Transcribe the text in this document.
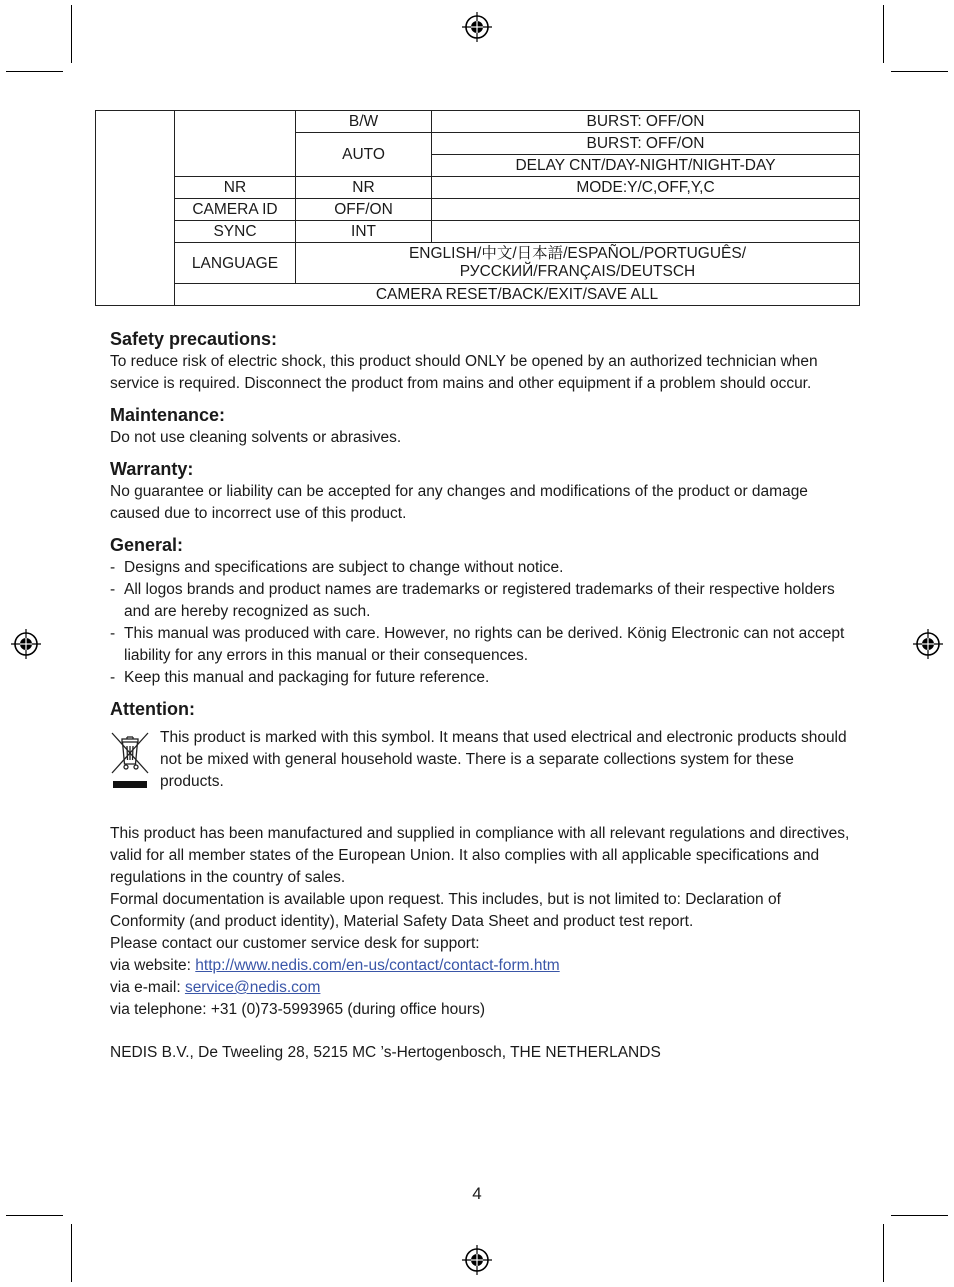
		B/W	BURST: OFF/ON
		AUTO	BURST: OFF/ON
			DELAY CNT/DAY-NIGHT/NIGHT-DAY
	NR	NR	MODE:Y/C,OFF,Y,C
	CAMERA ID	OFF/ON	
	SYNC	INT	
	LANGUAGE	ENGLISH/中文/日本語/ESPAÑOL/PORTUGUÊS/
РУССКИЙ/FRANÇAIS/DEUTSCH	

	CAMERA RESET/BACK/EXIT/SAVE ALL		
Safety precautions:

To reduce risk of electric shock, this product should ONLY be opened by an authorized technician when service is required. Disconnect the product from mains and other equipment if a problem should occur.

Maintenance:

Do not use cleaning solvents or abrasives.

Warranty:

No guarantee or liability can be accepted for any changes and modifications of the product or damage caused due to incorrect use of this product.

General:
- Designs and specifications are subject to change without notice.
- All logos brands and product names are trademarks or registered trademarks of their respective holders and are hereby recognized as such.
- This manual was produced with care. However, no rights can be derived. König Electronic can not accept liability for any errors in this manual or their consequences.
- Keep this manual and packaging for future reference.
Attention:

This product is marked with this symbol. It means that used electrical and electronic products should not be mixed with general household waste. There is a separate collections system for these products.

This product has been manufactured and supplied in compliance with all relevant regulations and directives, valid for all member states of the European Union. It also complies with all applicable specifications and regulations in the country of sales.

Formal documentation is available upon request. This includes, but is not limited to: Declaration of Conformity (and product identity), Material Safety Data Sheet and product test report.

Please contact our customer service desk for support:

via website: http://www.nedis.com/en-us/contact/contact-form.htm

via e-mail: service@nedis.com

via telephone: +31 (0)73-5993965 (during office hours)

NEDIS B.V., De Tweeling 28, 5215 MC ’s-Hertogenbosch, THE NETHERLANDS

4
